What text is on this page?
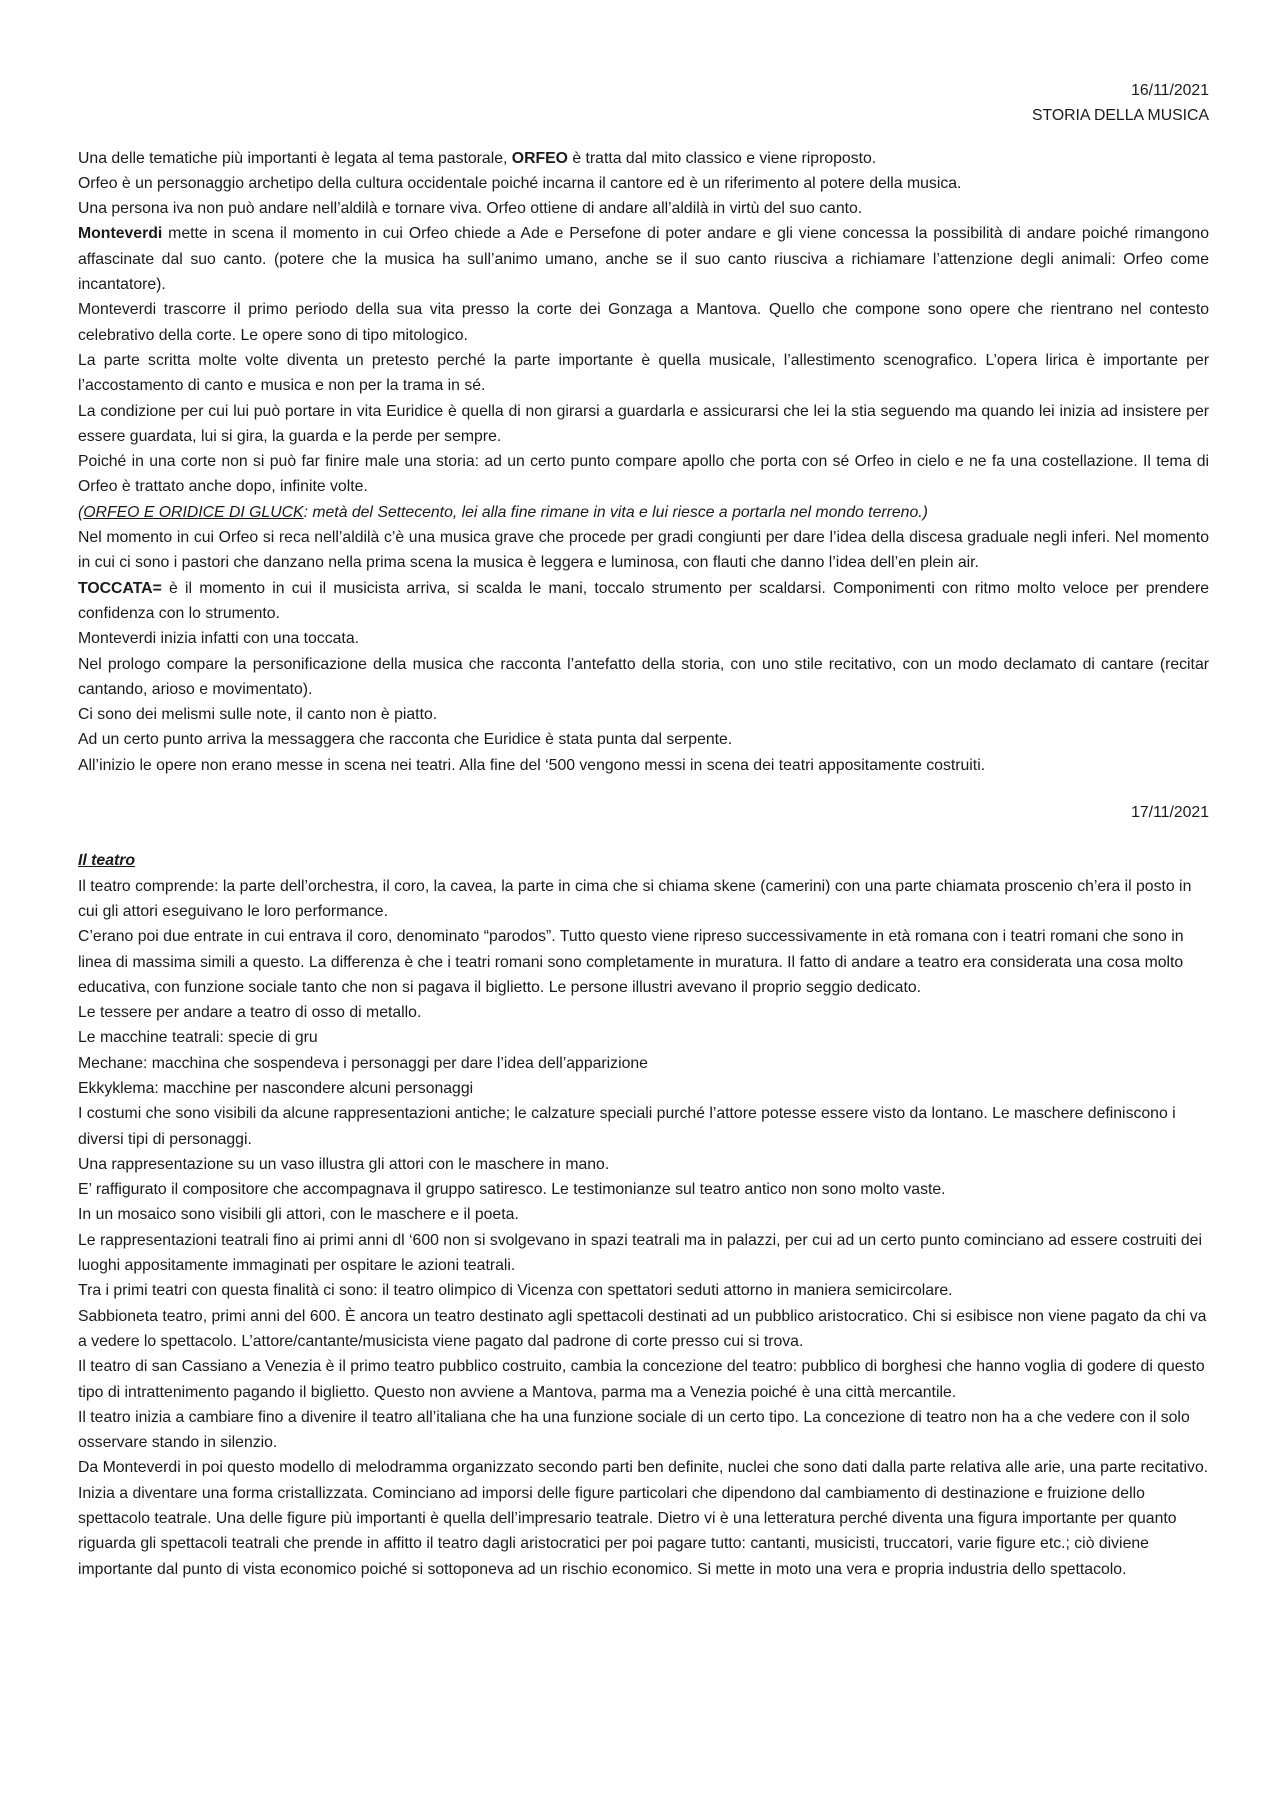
16/11/2021
STORIA DELLA MUSICA

Una delle tematiche più importanti è legata al tema pastorale, ORFEO è tratta dal mito classico e viene riproposto.

Orfeo è un personaggio archetipo della cultura occidentale poiché incarna il cantore ed è un riferimento al potere della musica.

Una persona iva non può andare nell’aldilà e tornare viva. Orfeo ottiene di andare all’aldilà in virtù del suo canto.

Monteverdi mette in scena il momento in cui Orfeo chiede a Ade e Persefone di poter andare e gli viene concessa la possibilità di andare poiché rimangono affascinate dal suo canto. (potere che la musica ha sull’animo umano, anche se il suo canto riusciva a richiamare l’attenzione degli animali: Orfeo come incantatore).

Monteverdi trascorre il primo periodo della sua vita presso la corte dei Gonzaga a Mantova. Quello che compone sono opere che rientrano nel contesto celebrativo della corte. Le opere sono di tipo mitologico.

La parte scritta molte volte diventa un pretesto perché la parte importante è quella musicale, l’allestimento scenografico. L’opera lirica è importante per l’accostamento di canto e musica e non per la trama in sé.

La condizione per cui lui può portare in vita Euridice è quella di non girarsi a guardarla e assicurarsi che lei la stia seguendo ma quando lei inizia ad insistere per essere guardata, lui si gira, la guarda e la perde per sempre.

Poiché in una corte non si può far finire male una storia: ad un certo punto compare apollo che porta con sé Orfeo in cielo e ne fa una costellazione. Il tema di Orfeo è trattato anche dopo, infinite volte.

(ORFEO E ORIDICE DI GLUCK: metà del Settecento, lei alla fine rimane in vita e lui riesce a portarla nel mondo terreno.)

Nel momento in cui Orfeo si reca nell’aldilà c’è una musica grave che procede per gradi congiunti per dare l’idea della discesa graduale negli inferi. Nel momento in cui ci sono i pastori che danzano nella prima scena la musica è leggera e luminosa, con flauti che danno l’idea dell’en plein air.

TOCCATA= è il momento in cui il musicista arriva, si scalda le mani, toccalo strumento per scaldarsi. Componimenti con ritmo molto veloce per prendere confidenza con lo strumento.

Monteverdi inizia infatti con una toccata.

Nel prologo compare la personificazione della musica che racconta l’antefatto della storia, con uno stile recitativo, con un modo declamato di cantare (recitar cantando, arioso e movimentato).

Ci sono dei melismi sulle note, il canto non è piatto.

Ad un certo punto arriva la messaggera che racconta che Euridice è stata punta dal serpente.

All’inizio le opere non erano messe in scena nei teatri. Alla fine del ‘500 vengono messi in scena dei teatri appositamente costruiti.

17/11/2021

Il teatro

Il teatro comprende: la parte dell’orchestra, il coro, la cavea, la parte in cima che si chiama skene (camerini) con una parte chiamata proscenio ch’era il posto in cui gli attori eseguivano le loro performance.

C’erano poi due entrate in cui entrava il coro, denominato “parodos”. Tutto questo viene ripreso successivamente in età romana con i teatri romani che sono in linea di massima simili a questo. La differenza è che i teatri romani sono completamente in muratura. Il fatto di andare a teatro era considerata una cosa molto educativa, con funzione sociale tanto che non si pagava il biglietto. Le persone illustri avevano il proprio seggio dedicato.

Le tessere per andare a teatro di osso di metallo.

Le macchine teatrali: specie di gru

Mechane: macchina che sospendeva i personaggi per dare l’idea dell’apparizione

Ekkyklema: macchine per nascondere alcuni personaggi

I costumi che sono visibili da alcune rappresentazioni antiche; le calzature speciali purché l’attore potesse essere visto da lontano. Le maschere definiscono i diversi tipi di personaggi.

Una rappresentazione su un vaso illustra gli attori con le maschere in mano.

E’ raffigurato il compositore che accompagnava il gruppo satiresco. Le testimonianze sul teatro antico non sono molto vaste.

In un mosaico sono visibili gli attori, con le maschere e il poeta.

Le rappresentazioni teatrali fino ai primi anni dl ‘600 non si svolgevano in spazi teatrali ma in palazzi, per cui ad un certo punto cominciano ad essere costruiti dei luoghi appositamente immaginati per ospitare le azioni teatrali.

Tra i primi teatri con questa finalità ci sono: il teatro olimpico di Vicenza con spettatori seduti attorno in maniera semicircolare.

Sabbioneta teatro, primi anni del 600. È ancora un teatro destinato agli spettacoli destinati ad un pubblico aristocratico. Chi si esibisce non viene pagato da chi va a vedere lo spettacolo. L’attore/cantante/musicista viene pagato dal padrone di corte presso cui si trova.

Il teatro di san Cassiano a Venezia è il primo teatro pubblico costruito, cambia la concezione del teatro: pubblico di borghesi che hanno voglia di godere di questo tipo di intrattenimento pagando il biglietto. Questo non avviene a Mantova, parma ma a Venezia poiché è una città mercantile.

Il teatro inizia a cambiare fino a divenire il teatro all’italiana che ha una funzione sociale di un certo tipo. La concezione di teatro non ha a che vedere con il solo osservare stando in silenzio.

Da Monteverdi in poi questo modello di melodramma organizzato secondo parti ben definite, nuclei che sono dati dalla parte relativa alle arie, una parte recitativo. Inizia a diventare una forma cristallizzata. Cominciano ad imporsi delle figure particolari che dipendono dal cambiamento di destinazione e fruizione dello spettacolo teatrale. Una delle figure più importanti è quella dell’impresario teatrale. Dietro vi è una letteratura perché diventa una figura importante per quanto riguarda gli spettacoli teatrali che prende in affitto il teatro dagli aristocratici per poi pagare tutto: cantanti, musicisti, truccatori, varie figure etc.; ciò diviene importante dal punto di vista economico poiché si sottoponeva ad un rischio economico. Si mette in moto una vera e propria industria dello spettacolo.
